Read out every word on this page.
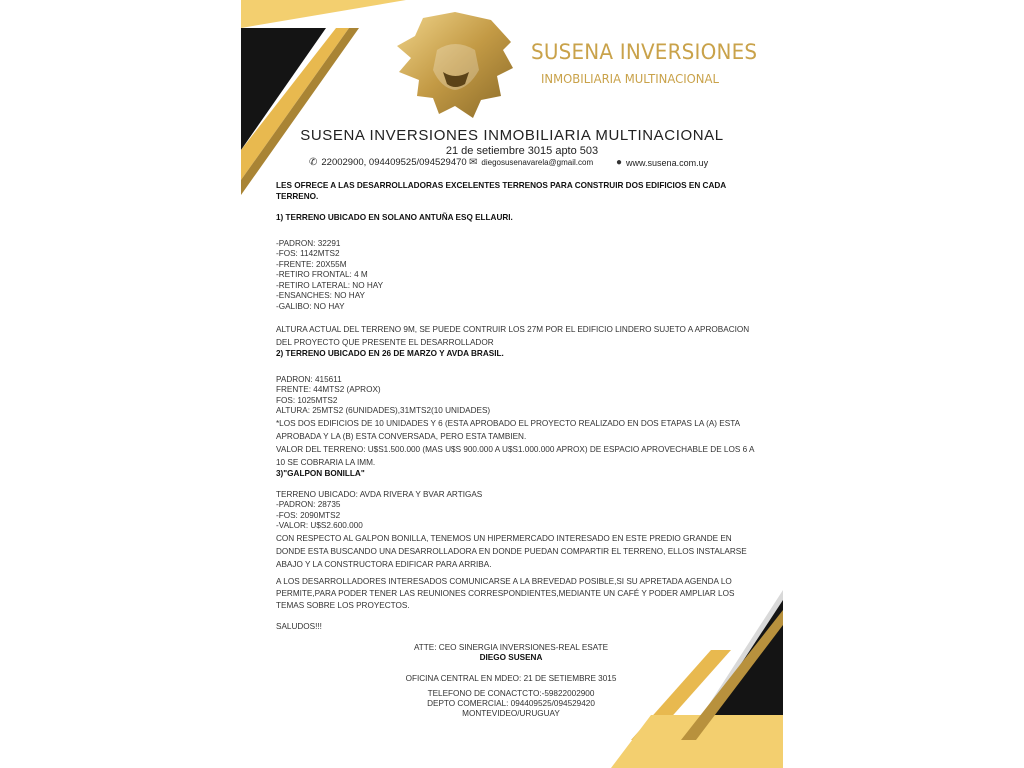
SUSENA INVERSIONES
INMOBILIARIA MULTINACIONAL
SUSENA INVERSIONES INMOBILIARIA MULTINACIONAL
21 de setiembre 3015 apto 503
✆ 22002900, 094409525/094529470 ✉ diegosusenavarela@gmail.com ● www.susena.com.uy

LES OFRECE A LAS DESARROLLADORAS EXCELENTES TERRENOS PARA CONSTRUIR DOS EDIFICIOS EN CADA TERRENO.

1) TERRENO UBICADO EN SOLANO ANTUÑA ESQ ELLAURI.

-PADRON: 32291

-FOS: 1142MTS2

-FRENTE: 20X55M

-RETIRO FRONTAL: 4 M

-RETIRO LATERAL: NO HAY

-ENSANCHES: NO HAY

-GALIBO: NO HAY

ALTURA ACTUAL DEL TERRENO 9M, SE PUEDE CONTRUIR LOS 27M POR EL EDIFICIO LINDERO SUJETO A APROBACION DEL PROYECTO QUE PRESENTE EL DESARROLLADOR

2) TERRENO UBICADO EN 26 DE MARZO Y AVDA BRASIL.

PADRON: 415611

FRENTE: 44MTS2 (APROX)

FOS: 1025MTS2

ALTURA: 25MTS2 (6UNIDADES),31MTS2(10 UNIDADES)

*LOS DOS EDIFICIOS DE 10 UNIDADES Y 6 (ESTA APROBADO EL PROYECTO REALIZADO EN DOS ETAPAS LA (A) ESTA APROBADA Y LA (B) ESTA CONVERSADA, PERO ESTA TAMBIEN.

VALOR DEL TERRENO: U$S1.500.000 (MAS U$S 900.000 A U$S1.000.000 APROX) DE ESPACIO APROVECHABLE DE LOS 6 A 10 SE COBRARIA LA IMM.

3)"GALPON BONILLA"

TERRENO UBICADO: AVDA RIVERA Y BVAR ARTIGAS

-PADRON: 28735

-FOS: 2090MTS2

-VALOR: U$S2.600.000

CON RESPECTO AL GALPON BONILLA, TENEMOS UN HIPERMERCADO INTERESADO EN ESTE PREDIO GRANDE EN DONDE ESTA BUSCANDO UNA DESARROLLADORA EN DONDE PUEDAN COMPARTIR EL TERRENO, ELLOS INSTALARSE ABAJO Y LA CONSTRUCTORA EDIFICAR PARA ARRIBA.

A LOS DESARROLLADORES INTERESADOS COMUNICARSE A LA BREVEDAD POSIBLE,SI SU APRETADA AGENDA LO PERMITE,PARA PODER TENER LAS REUNIONES CORRESPONDIENTES,MEDIANTE UN CAFÉ Y PODER AMPLIAR LOS TEMAS SOBRE LOS PROYECTOS.

SALUDOS!!!

ATTE: CEO SINERGIA INVERSIONES-REAL ESATE

DIEGO SUSENA

OFICINA CENTRAL EN MDEO: 21 DE SETIEMBRE 3015

TELEFONO DE CONACTCTO:-59822002900

DEPTO COMERCIAL: 094409525/094529420

MONTEVIDEO/URUGUAY
